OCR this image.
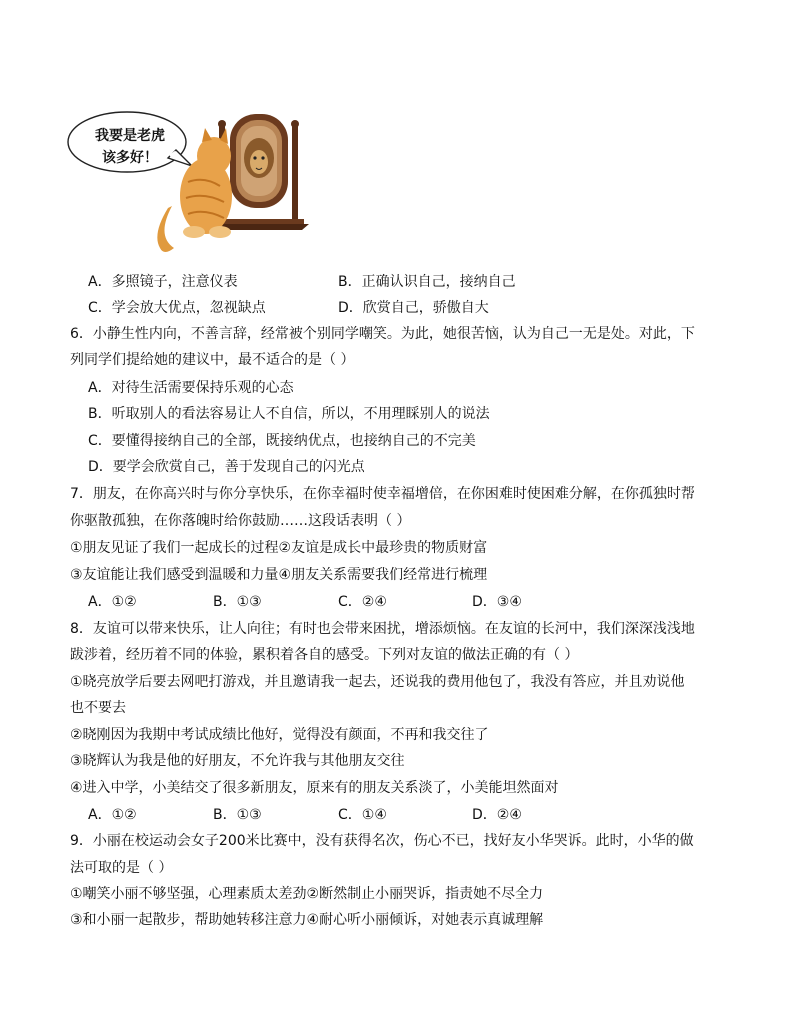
我要是老虎
该多好！
A．多照镜子，注意仪表	B．正确认识自己，接纳自己
C．学会放大优点，忽视缺点	D．欣赏自己，骄傲自大
6．小静生性内向，不善言辞，经常被个别同学嘲笑。为此，她很苦恼，认为自己一无是处。对此，下
列同学们提给她的建议中，最不适合的是（ ）
A．对待生活需要保持乐观的心态
B．听取别人的看法容易让人不自信，所以，不用理睬别人的说法
C．要懂得接纳自己的全部，既接纳优点，也接纳自己的不完美
D．要学会欣赏自己，善于发现自己的闪光点
7．朋友，在你高兴时与你分享快乐，在你幸福时使幸福增倍，在你困难时使困难分解，在你孤独时帮
你驱散孤独，在你落魄时给你鼓励……这段话表明（ ）
①朋友见证了我们一起成长的过程②友谊是成长中最珍贵的物质财富
③友谊能让我们感受到温暖和力量④朋友关系需要我们经常进行梳理
A．①②	B．①③	C．②④	D．③④
8．友谊可以带来快乐，让人向往；有时也会带来困扰，增添烦恼。在友谊的长河中，我们深深浅浅地
跋涉着，经历着不同的体验，累积着各自的感受。下列对友谊的做法正确的有（ ）
①晓亮放学后要去网吧打游戏，并且邀请我一起去，还说我的费用他包了，我没有答应，并且劝说他
也不要去
②晓刚因为我期中考试成绩比他好，觉得没有颜面，不再和我交往了
③晓辉认为我是他的好朋友，不允许我与其他朋友交往
④进入中学，小美结交了很多新朋友，原来有的朋友关系淡了，小美能坦然面对
A．①②	B．①③	C．①④	D．②④
9．小丽在校运动会女子200米比赛中，没有获得名次，伤心不已，找好友小华哭诉。此时，小华的做
法可取的是（ ）
①嘲笑小丽不够坚强，心理素质太差劲②断然制止小丽哭诉，指责她不尽全力
③和小丽一起散步，帮助她转移注意力④耐心听小丽倾诉，对她表示真诚理解
